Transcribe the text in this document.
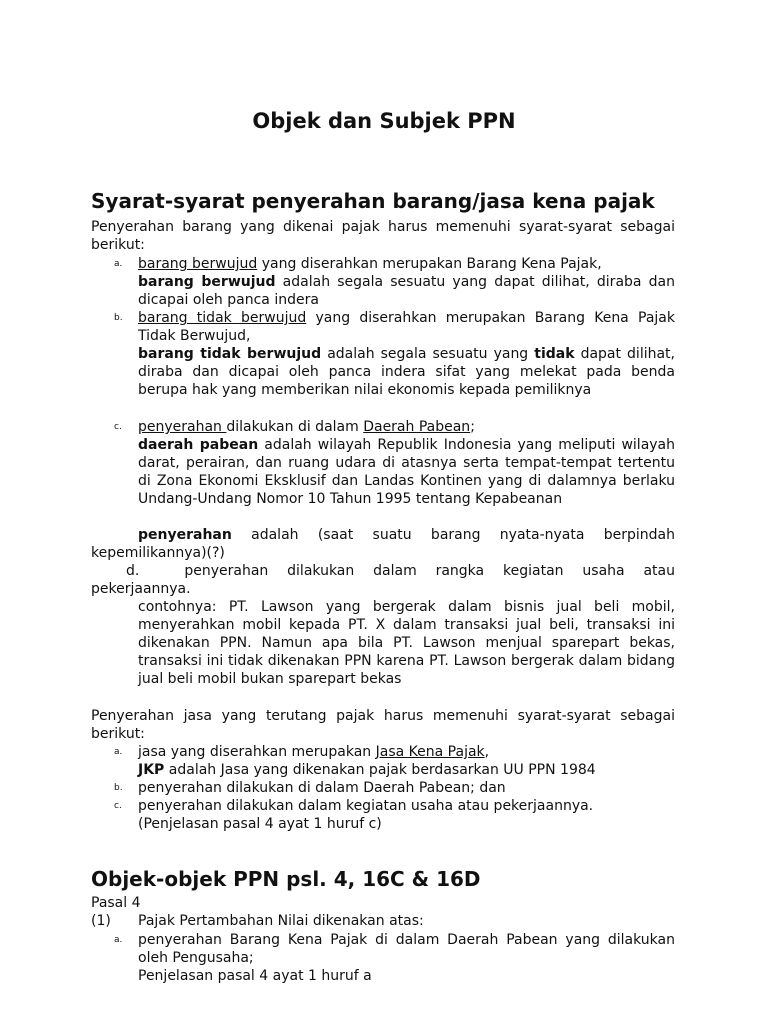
Objek dan Subjek PPN
Syarat-syarat penyerahan barang/jasa kena pajak
Penyerahan barang yang dikenai pajak harus memenuhi syarat-syarat sebagai berikut:
a. barang berwujud yang diserahkan merupakan Barang Kena Pajak,
barang berwujud adalah segala sesuatu yang dapat dilihat, diraba dan dicapai oleh panca indera
b. barang tidak berwujud yang diserahkan merupakan Barang Kena Pajak Tidak Berwujud,
barang tidak berwujud adalah segala sesuatu yang tidak dapat dilihat, diraba dan dicapai oleh panca indera sifat yang melekat pada benda berupa hak yang memberikan nilai ekonomis kepada pemiliknya
c. penyerahan dilakukan di dalam Daerah Pabean;
daerah pabean adalah wilayah Republik Indonesia yang meliputi wilayah darat, perairan, dan ruang udara di atasnya serta tempat-tempat tertentu di Zona Ekonomi Eksklusif dan Landas Kontinen yang di dalamnya berlaku Undang-Undang Nomor 10 Tahun 1995 tentang Kepabeanan
penyerahan adalah (saat suatu barang nyata-nyata berpindah kepemilikannya)(?)
d.	penyerahan dilakukan dalam rangka kegiatan usaha atau pekerjaannya.
contohnya: PT. Lawson yang bergerak dalam bisnis jual beli mobil, menyerahkan mobil kepada PT. X dalam transaksi jual beli, transaksi ini dikenakan PPN. Namun apa bila PT. Lawson menjual sparepart bekas, transaksi ini tidak dikenakan PPN karena PT. Lawson bergerak dalam bidang jual beli mobil bukan sparepart bekas
Penyerahan jasa yang terutang pajak harus memenuhi syarat-syarat sebagai berikut:
a. jasa yang diserahkan merupakan Jasa Kena Pajak,
JKP adalah Jasa yang dikenakan pajak berdasarkan UU PPN 1984
b. penyerahan dilakukan di dalam Daerah Pabean; dan
c. penyerahan dilakukan dalam kegiatan usaha atau pekerjaannya.
(Penjelasan pasal 4 ayat 1 huruf c)
Objek-objek PPN psl. 4, 16C & 16D
Pasal 4
(1) Pajak Pertambahan Nilai dikenakan atas:
a. penyerahan Barang Kena Pajak di dalam Daerah Pabean yang dilakukan oleh Pengusaha;
Penjelasan pasal 4 ayat 1 huruf a
